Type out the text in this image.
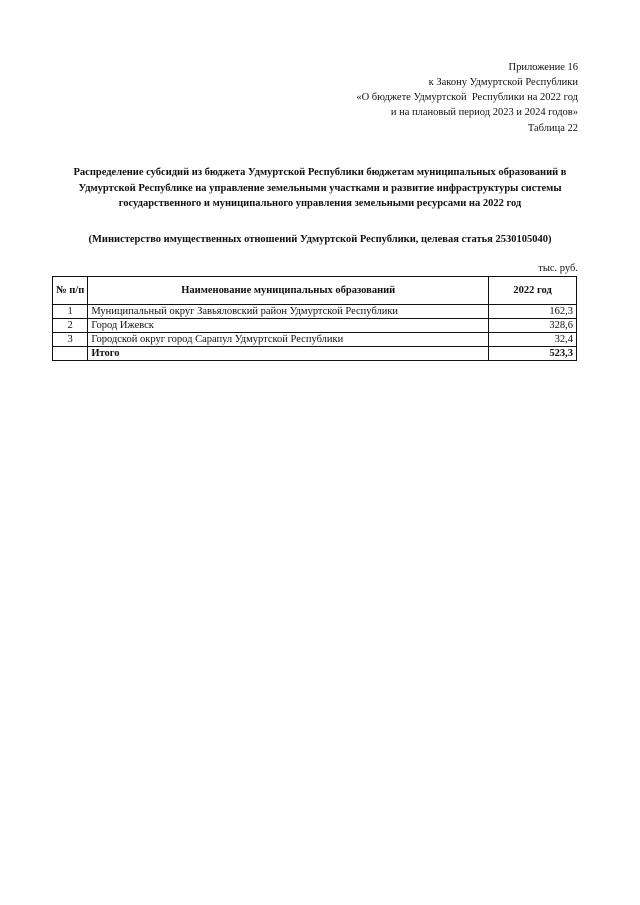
Приложение 16
к Закону Удмуртской Республики
«О бюджете Удмуртской  Республики на 2022 год
и на плановый период 2023 и 2024 годов»
Таблица 22
Распределение субсидий из бюджета Удмуртской Республики бюджетам муниципальных образований в
Удмуртской Республике на управление земельными участками и развитие инфраструктуры системы
государственного и муниципального управления земельными ресурсами на 2022 год
(Министерство имущественных отношений Удмуртской Республики, целевая статья 2530105040)
тыс. руб.
№ п/п	Наименование муниципальных образований	2022 год
1	Муниципальный округ Завьяловский район Удмуртской Республики	162,3
2	Город Ижевск	328,6
3	Городской округ город Сарапул Удмуртской Республики	32,4
	Итого	523,3
